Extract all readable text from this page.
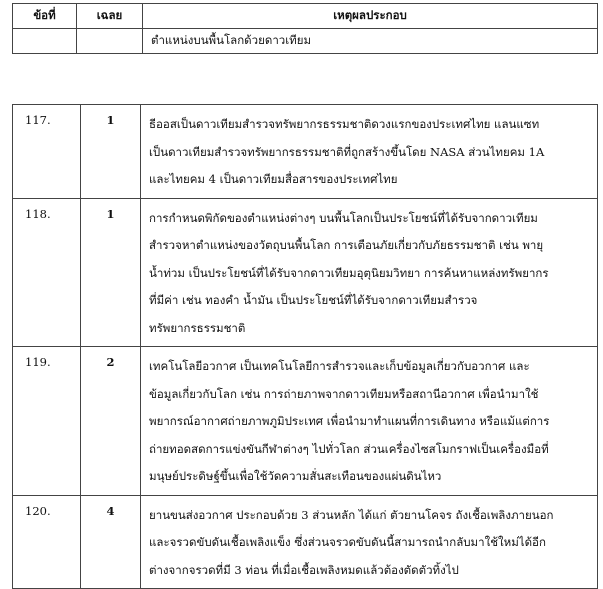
ข้อที่	เฉลย	เหตุผลประกอบ
		ตำแหน่งบนพื้นโลกด้วยดาวเทียม
117.	1	ธีออสเป็นดาวเทียมสำรวจทรัพยากรธรรมชาติดวงแรกของประเทศไทย แลนแซท
เป็นดาวเทียมสำรวจทรัพยากรธรรมชาติที่ถูกสร้างขึ้นโดย NASA ส่วนไทยคม 1A
และไทยคม 4 เป็นดาวเทียมสื่อสารของประเทศไทย

118.	1	การกำหนดพิกัดของตำแหน่งต่างๆ บนพื้นโลกเป็นประโยชน์ที่ได้รับจากดาวเทียม
สำรวจหาตำแหน่งของวัตถุบนพื้นโลก การเตือนภัยเกี่ยวกับภัยธรรมชาติ เช่น พายุ
น้ำท่วม เป็นประโยชน์ที่ได้รับจากดาวเทียมอุตุนิยมวิทยา การค้นหาแหล่งทรัพยากร
ที่มีค่า เช่น ทองคำ น้ำมัน เป็นประโยชน์ที่ได้รับจากดาวเทียมสำรวจ
ทรัพยากรธรรมชาติ

119.	2	เทคโนโลยีอวกาศ เป็นเทคโนโลยีการสำรวจและเก็บข้อมูลเกี่ยวกับอวกาศ และ
ข้อมูลเกี่ยวกับโลก เช่น การถ่ายภาพจากดาวเทียมหรือสถานีอวกาศ เพื่อนำมาใช้
พยากรณ์อากาศถ่ายภาพภูมิประเทศ เพื่อนำมาทำแผนที่การเดินทาง หรือแม้แต่การ
ถ่ายทอดสดการแข่งขันกีฬาต่างๆ ไปทั่วโลก ส่วนเครื่องไซสโมกราฟเป็นเครื่องมือที่
มนุษย์ประดิษฐ์ขึ้นเพื่อใช้วัดความสั่นสะเทือนของแผ่นดินไหว

120.	4	ยานขนส่งอวกาศ ประกอบด้วย 3 ส่วนหลัก ได้แก่ ตัวยานโคจร ถังเชื้อเพลิงภายนอก
และจรวดขับดันเชื้อเพลิงแข็ง ซึ่งส่วนจรวดขับดันนี้สามารถนำกลับมาใช้ใหม่ได้อีก
ต่างจากจรวดที่มี 3 ท่อน ที่เมื่อเชื้อเพลิงหมดแล้วต้องตัดตัวทิ้งไป
